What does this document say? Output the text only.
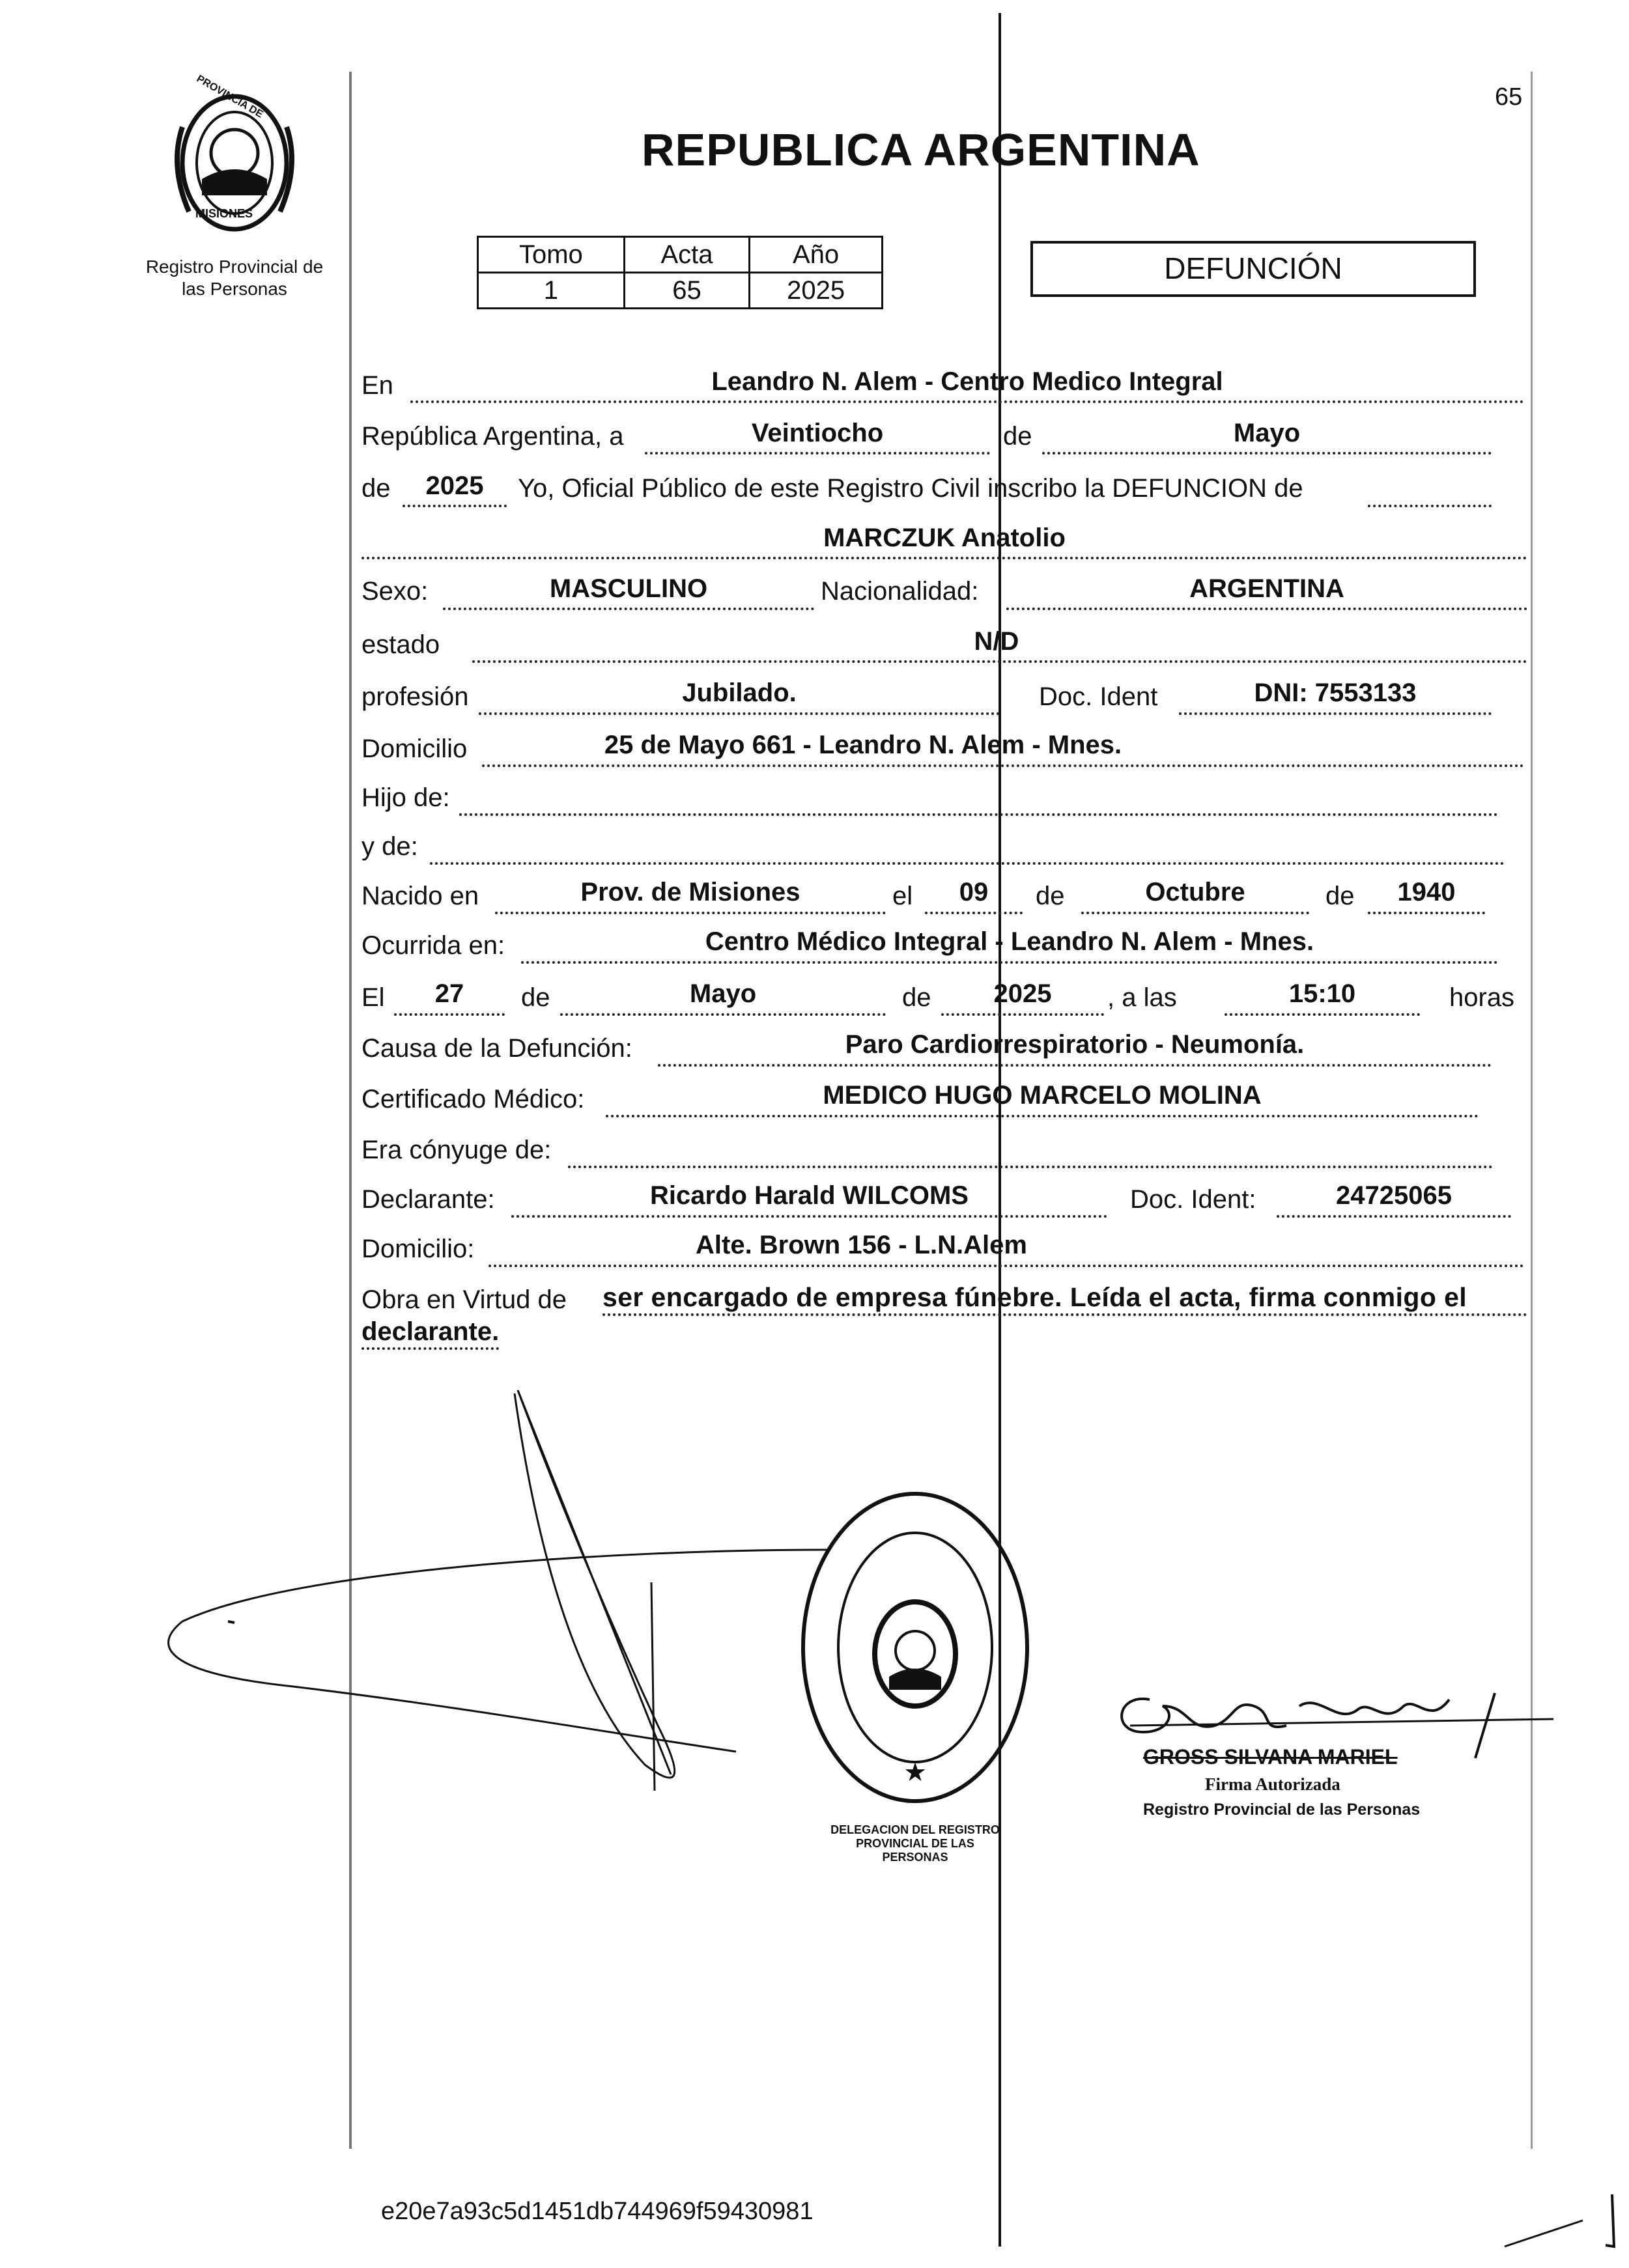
65
PROVINCIA DE
MISIONES
Registro Provincial de
las Personas
REPUBLICA ARGENTINA
Tomo	Acta	Año
1	65	2025
DEFUNCIÓN
En	Leandro N. Alem - Centro Medico Integral
República Argentina, a	Veintiocho	de	Mayo
de	2025	Yo, Oficial Público de este Registro Civil inscribo la DEFUNCION de
MARCZUK Anatolio
Sexo:	MASCULINO	Nacionalidad:	ARGENTINA
estado	N/D
profesión	Jubilado.	Doc. Ident	DNI: 7553133
Domicilio	25 de Mayo 661 - Leandro N. Alem - Mnes.
Hijo de:
y de:
Nacido en	Prov. de Misiones	el	09	de	Octubre	de	1940
Ocurrida en:	Centro Médico Integral - Leandro N. Alem - Mnes.
El	27	de	Mayo	de	2025	, a las	15:10	horas
Causa de la Defunción:	Paro Cardiorrespiratorio - Neumonía.
Certificado Médico:	MEDICO HUGO MARCELO MOLINA
Era cónyuge de:
Declarante:	Ricardo Harald WILCOMS	Doc. Ident:	24725065
Domicilio:	Alte. Brown 156 - L.N.Alem
Obra en Virtud de ser encargado de empresa fúnebre. Leída el acta, firma conmigo el
declarante.
★
DELEGACION DEL REGISTRO PROVINCIAL DE LAS PERSONAS
GROSS SILVANA MARIEL
Firma Autorizada
Registro Provincial de las Personas
e20e7a93c5d1451db744969f59430981
